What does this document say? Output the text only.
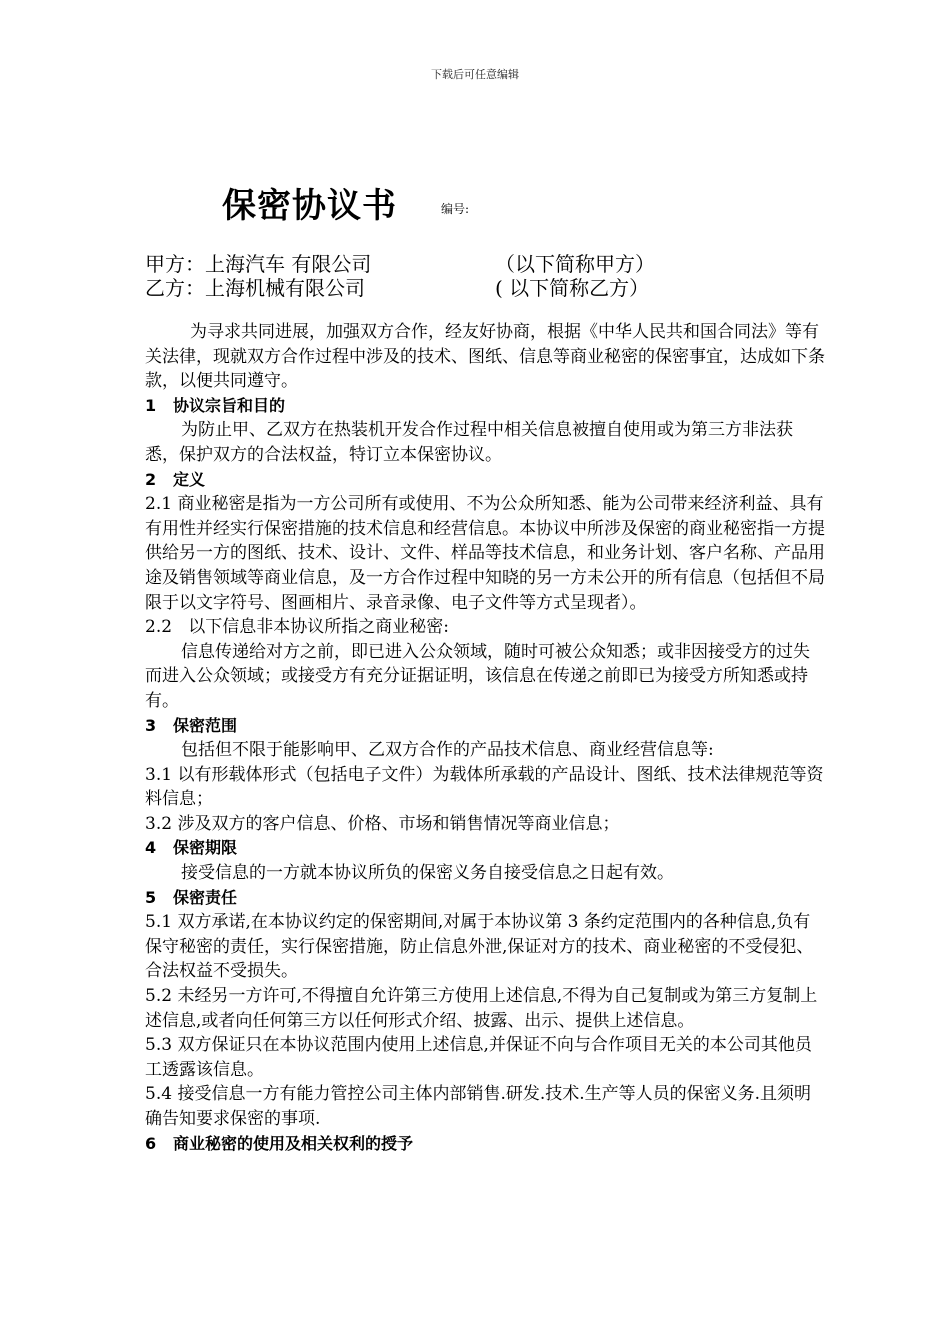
下载后可任意编辑
保密协议书	编号:
甲方：上海汽车 有限公司	（以下简称甲方）
乙方：上海机械有限公司	( 以下简称乙方）

为寻求共同进展，加强双方合作，经友好协商，根据《中华人民共和国合同法》等有关法律，现就双方合作过程中涉及的技术、图纸、信息等商业秘密的保密事宜，达成如下条款，以便共同遵守。

1 协议宗旨和目的

为防止甲、乙双方在热装机开发合作过程中相关信息被擅自使用或为第三方非法获悉，保护双方的合法权益，特订立本保密协议。

2 定义

2.1 商业秘密是指为一方公司所有或使用、不为公众所知悉、能为公司带来经济利益、具有有用性并经实行保密措施的技术信息和经营信息。本协议中所涉及保密的商业秘密指一方提供给另一方的图纸、技术、设计、文件、样品等技术信息，和业务计划、客户名称、产品用途及销售领域等商业信息，及一方合作过程中知晓的另一方未公开的所有信息（包括但不局限于以文字符号、图画相片、录音录像、电子文件等方式呈现者）。

2.2   以下信息非本协议所指之商业秘密:

信息传递给对方之前，即已进入公众领域，随时可被公众知悉；或非因接受方的过失而进入公众领域；或接受方有充分证据证明，该信息在传递之前即已为接受方所知悉或持有。

3 保密范围

包括但不限于能影响甲、乙双方合作的产品技术信息、商业经营信息等:

3.1 以有形载体形式（包括电子文件）为载体所承载的产品设计、图纸、技术法律规范等资料信息；

3.2 涉及双方的客户信息、价格、市场和销售情况等商业信息；

4 保密期限

接受信息的一方就本协议所负的保密义务自接受信息之日起有效。

5 保密责任

5.1 双方承诺,在本协议约定的保密期间,对属于本协议第 3 条约定范围内的各种信息,负有保守秘密的责任，实行保密措施，防止信息外泄,保证对方的技术、商业秘密的不受侵犯、合法权益不受损失。

5.2 未经另一方许可,不得擅自允许第三方使用上述信息,不得为自己复制或为第三方复制上述信息,或者向任何第三方以任何形式介绍、披露、出示、提供上述信息。

5.3 双方保证只在本协议范围内使用上述信息,并保证不向与合作项目无关的本公司其他员工透露该信息。

5.4 接受信息一方有能力管控公司主体内部销售.研发.技术.生产等人员的保密义务.且须明确告知要求保密的事项.

6 商业秘密的使用及相关权利的授予
